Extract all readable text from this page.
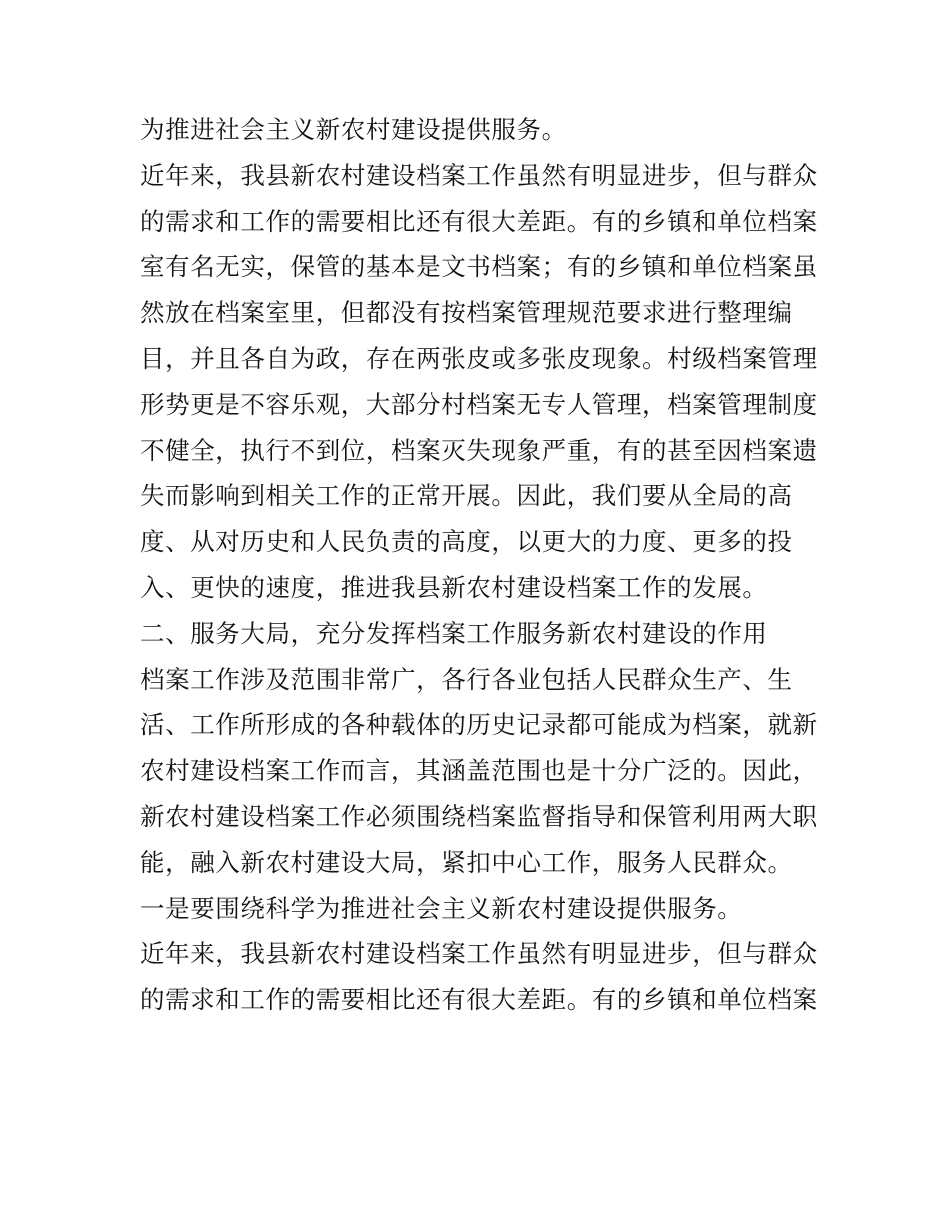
为推进社会主义新农村建设提供服务。
近年来，我县新农村建设档案工作虽然有明显进步，但与群众
的需求和工作的需要相比还有很大差距。有的乡镇和单位档案
室有名无实，保管的基本是文书档案；有的乡镇和单位档案虽
然放在档案室里，但都没有按档案管理规范要求进行整理编
目，并且各自为政，存在两张皮或多张皮现象。村级档案管理
形势更是不容乐观，大部分村档案无专人管理，档案管理制度
不健全，执行不到位，档案灭失现象严重，有的甚至因档案遗
失而影响到相关工作的正常开展。因此，我们要从全局的高
度、从对历史和人民负责的高度，以更大的力度、更多的投
入、更快的速度，推进我县新农村建设档案工作的发展。
二、服务大局，充分发挥档案工作服务新农村建设的作用
档案工作涉及范围非常广，各行各业包括人民群众生产、生
活、工作所形成的各种载体的历史记录都可能成为档案，就新
农村建设档案工作而言，其涵盖范围也是十分广泛的。因此，
新农村建设档案工作必须围绕档案监督指导和保管利用两大职
能，融入新农村建设大局，紧扣中心工作，服务人民群众。
一是要围绕科学为推进社会主义新农村建设提供服务。
近年来，我县新农村建设档案工作虽然有明显进步，但与群众
的需求和工作的需要相比还有很大差距。有的乡镇和单位档案
